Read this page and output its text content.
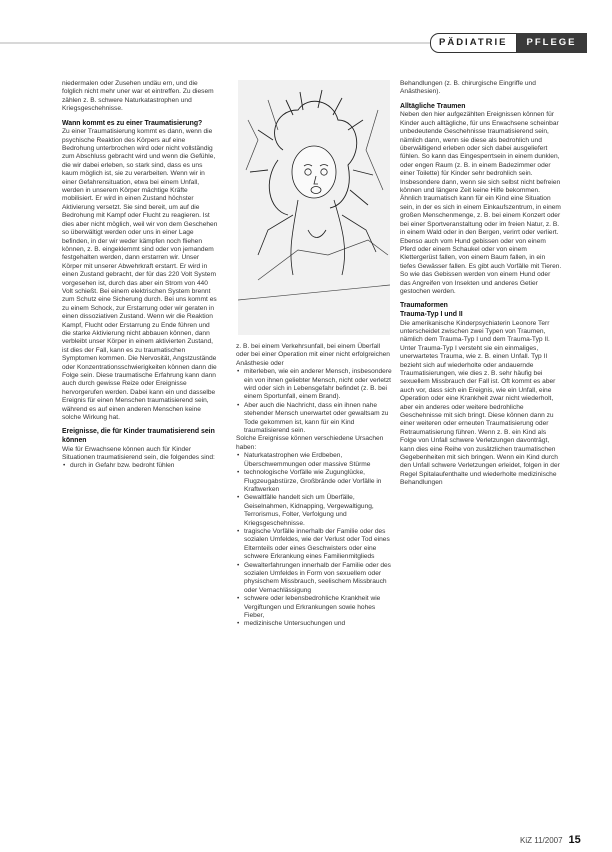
PÄDIATRIE	PFLEGE

niedermalen oder Zusehen undäu ern, und die folglich nicht mehr uner war et eintreffen. Zu diesem zählen z. B. schwere Naturkatastrophen und Kriegsgeschehnisse.

Wann kommt es zu einer Traumatisierung?

Zu einer Traumatisierung kommt es dann, wenn die psychische Reaktion des Körpers auf eine Bedrohung unterbrochen wird oder nicht vollständig zum Abschluss gebracht wird und wenn die Gefühle, die wir dabei erleben, so stark sind, dass es uns kaum möglich ist, sie zu verarbeiten. Wenn wir in einer Gefahrensituation, etwa bei einem Unfall, werden in unserem Körper mächtige Kräfte mobilisiert. Er wird in einen Zustand höchster Aktivierung versetzt. Sie sind bereit, um auf die Bedrohung mit Kampf oder Flucht zu reagieren. Ist dies aber nicht möglich, weil wir von dem Geschehen so überwältigt werden oder uns in einer Lage befinden, in der wir weder kämpfen noch fliehen können, z. B. eingeklemmt sind oder von jemandem festgehalten werden, dann erstarren wir. Unser Körper mit unserer Abwehrkraft erstarrt. Er wird in einen Zustand gebracht, der für das 220 Volt System vorgesehen ist, durch das aber ein Strom von 440 Volt schießt. Bei einem elektrischen System brennt zum Schutz eine Sicherung durch. Bei uns kommt es zu einem Schock, zur Erstarrung oder wir geraten in einen dissoziativen Zustand. Wenn wir die Reaktion Kampf, Flucht oder Erstarrung zu Ende führen und die starke Aktivierung nicht abbauen können, dann verbleibt unser Körper in einem aktivierten Zustand, ist dies der Fall, kann es zu traumatischen Symptomen kommen. Die Nervosität, Angstzustände oder Konzentrationsschwierigkeiten können dann die Folge sein. Diese traumatische Erfahrung kann dann auch durch gewisse Reize oder Ereignisse hervorgerufen werden. Dabei kann ein und dasselbe Ereignis für einen Menschen traumatisierend sein, während es auf einen anderen Menschen keine solche Wirkung hat.

Ereignisse, die für Kinder traumatisierend sein können

Wie für Erwachsene können auch für Kinder Situationen traumatisierend sein, die folgendes sind:

• durch in Gefahr bzw. bedroht fühlen

z. B. bei einem Verkehrsunfall, bei einem Überfall oder bei einer Operation mit einer nicht erfolgreichen Anästhesie oder

• miterleben, wie ein anderer Mensch, insbesondere ein von ihnen geliebter Mensch, nicht oder verletzt wird oder sich in Lebensgefahr befindet (z. B. bei einem Sportunfall, einem Brand).
• Aber auch die Nachricht, dass ein ihnen nahe stehender Mensch unerwartet oder gewaltsam zu Tode gekommen ist, kann für ein Kind traumatisierend sein.

Solche Ereignisse können verschiedene Ursachen haben:

• Naturkatastrophen wie Erdbeben, Überschwemmungen oder massive Stürme
• technologische Vorfälle wie Zugunglücke, Flugzeugabstürze, Großbrände oder Vorfälle in Kraftwerken
• Gewaltfälle handelt sich um Überfälle, Geiselnahmen, Kidnapping, Vergewaltigung, Terrorismus, Folter, Verfolgung und Kriegsgeschehnisse.
• tragische Vorfälle innerhalb der Familie oder des sozialen Umfeldes, wie der Verlust oder Tod eines Elternteils oder eines Geschwisters oder eine schwere Erkrankung eines Familienmitglieds
• Gewalterfahrungen innerhalb der Familie oder des sozialen Umfeldes in Form von sexuellem oder physischem Missbrauch, seelischem Missbrauch oder Vernachlässigung
• schwere oder lebensbedrohliche Krankheit wie Vergiftungen und Erkrankungen sowie hohes Fieber,
• medizinische Untersuchungen und

Behandlungen (z. B. chirurgische Eingriffe und Anästhesien).

Alltägliche Traumen

Neben den hier aufgezählten Ereignissen können für Kinder auch alltägliche, für uns Erwachsene scheinbar unbedeutende Geschehnisse traumatisierend sein, nämlich dann, wenn sie diese als bedrohlich und überwältigend erleben oder sich dabei ausgeliefert fühlen. So kann das Eingesperrtsein in einem dunklen, oder engen Raum (z. B. in einem Badezimmer oder einer Toilette) für Kinder sehr bedrohlich sein. Insbesondere dann, wenn sie sich selbst nicht befreien können und längere Zeit keine Hilfe bekommen. Ähnlich traumatisch kann für ein Kind eine Situation sein, in der es sich in einem Einkaufszentrum, in einem großen Menschenmenge, z. B. bei einem Konzert oder bei einer Sportveranstaltung oder im freien Natur, z. B. in einem Wald oder in den Bergen, verirrt oder verliert. Ebenso auch vom Hund gebissen oder von einem Pferd oder einem Schaukel oder von einem Klettergerüst fallen, von einem Baum fallen, in ein tiefes Gewässer fallen. Es gibt auch Vorfälle mit Tieren. So wie das Gebissen werden von einem Hund oder das Angreifen von Insekten und anderes Getier gestochen werden.

Traumaformen
Trauma-Typ I und II

Die amerikanische Kinderpsychiaterin Leonore Terr unterscheidet zwischen zwei Typen von Traumen, nämlich dem Trauma-Typ I und dem Trauma-Typ II. Unter Trauma-Typ I versteht sie ein einmaliges, unerwartetes Trauma, wie z. B. einen Unfall. Typ II bezieht sich auf wiederholte oder andauernde Traumatisierungen, wie dies z. B. sehr häufig bei sexuellem Missbrauch der Fall ist. Oft kommt es aber auch vor, dass sich ein Ereignis, wie ein Unfall, eine Operation oder eine Krankheit zwar nicht wiederholt, aber ein anderes oder weitere bedrohliche Geschehnisse mit sich bringt. Diese können dann zu einer weiteren oder erneuten Traumatisierung oder Retraumatisierung führen. Wenn z. B. ein Kind als Folge von Unfall schwere Verletzungen davonträgt, kann dies eine Reihe von zusätzlichen traumatischen Gegebenheiten mit sich bringen. Wenn ein Kind durch den Unfall schwere Verletzungen erleidet, folgen in der Regel Spitalaufenthalte und wiederholte medizinische Behandlungen

KiZ 11/2007 15
